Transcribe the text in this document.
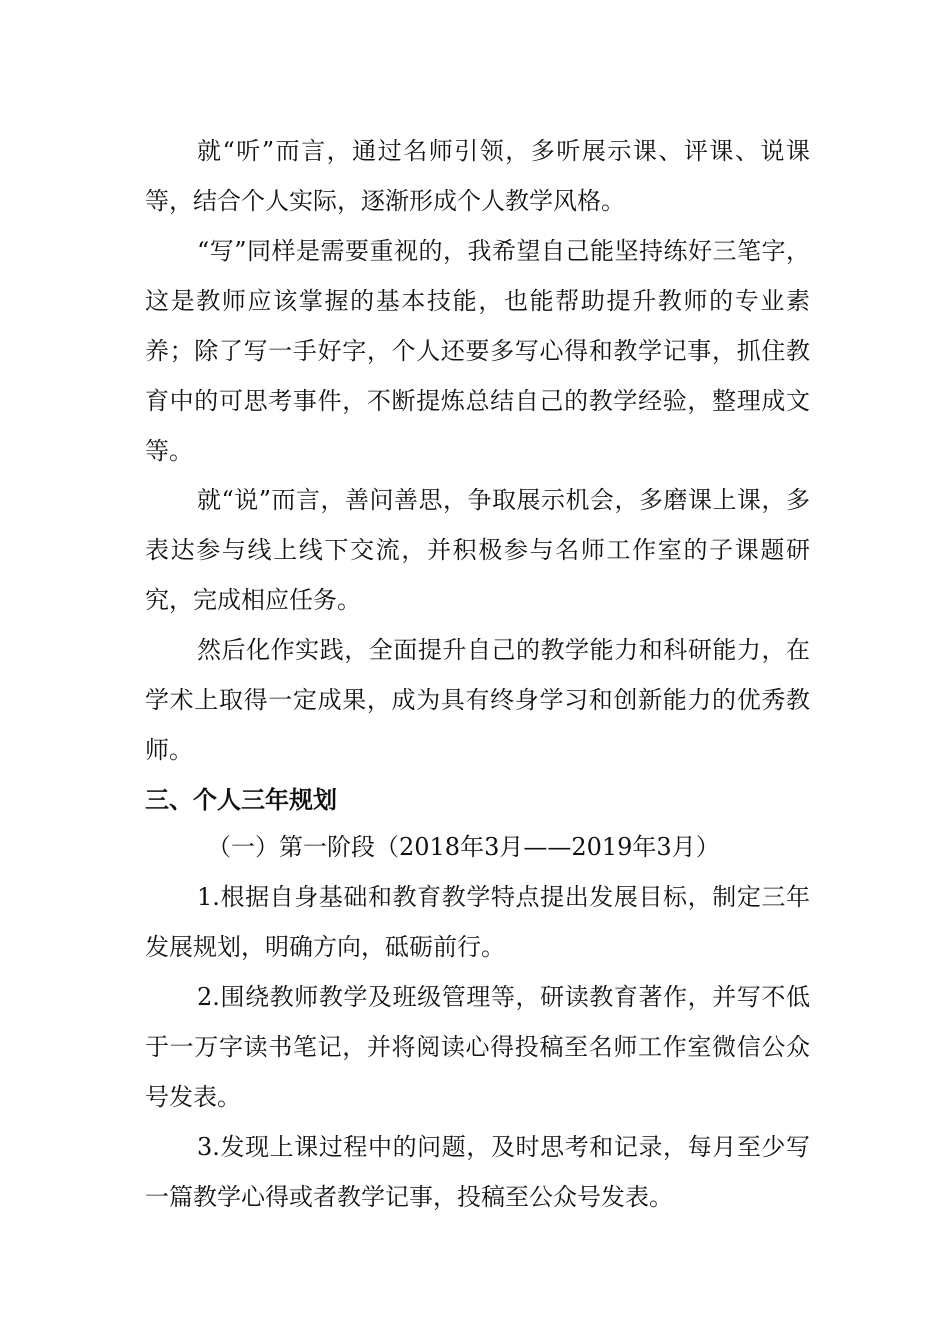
就“听”而言，通过名师引领，多听展示课、评课、说课等，结合个人实际，逐渐形成个人教学风格。

“写”同样是需要重视的，我希望自己能坚持练好三笔字，这是教师应该掌握的基本技能，也能帮助提升教师的专业素养；除了写一手好字，个人还要多写心得和教学记事，抓住教育中的可思考事件，不断提炼总结自己的教学经验，整理成文等。

就“说”而言，善问善思，争取展示机会，多磨课上课，多表达参与线上线下交流，并积极参与名师工作室的子课题研究，完成相应任务。

然后化作实践，全面提升自己的教学能力和科研能力，在学术上取得一定成果，成为具有终身学习和创新能力的优秀教师。

三、个人三年规划

（一）第一阶段（2018年3月——2019年3月）

1.根据自身基础和教育教学特点提出发展目标，制定三年发展规划，明确方向，砥砺前行。

2.围绕教师教学及班级管理等，研读教育著作，并写不低于一万字读书笔记，并将阅读心得投稿至名师工作室微信公众号发表。

3.发现上课过程中的问题，及时思考和记录，每月至少写一篇教学心得或者教学记事，投稿至公众号发表。
